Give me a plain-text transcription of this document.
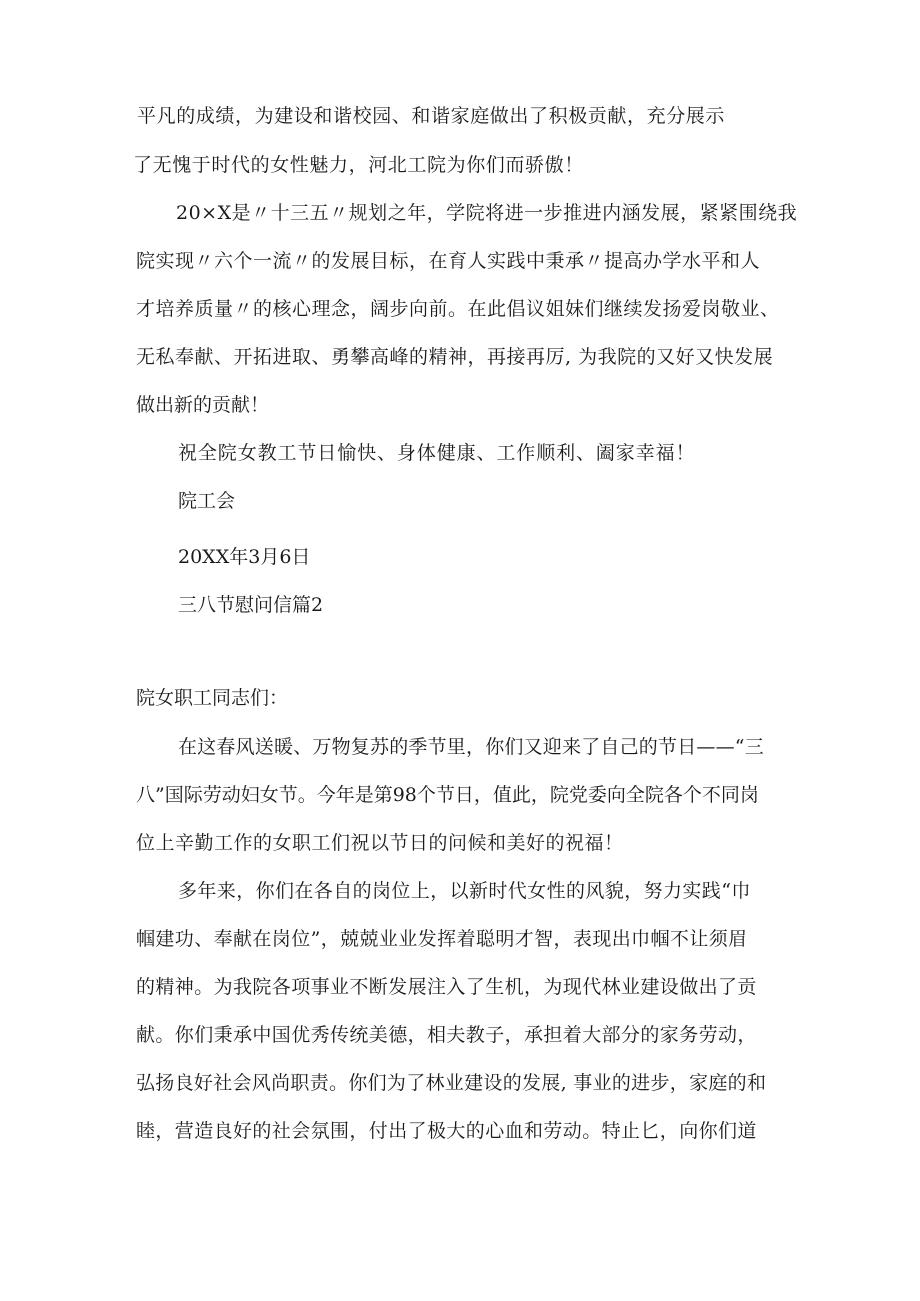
平凡的成绩，为建设和谐校园、和谐家庭做出了积极贡献，充分展示
了无愧于时代的女性魅力，河北工院为你们而骄傲！
20×X是〃十三五〃规划之年，学院将进一步推进内涵发展，紧紧围绕我
院实现〃六个一流〃的发展目标，在育人实践中秉承〃提高办学水平和人
才培养质量〃的核心理念，阔步向前。在此倡议姐妹们继续发扬爱岗敬业、
无私奉献、开拓进取、勇攀高峰的精神，再接再厉, 为我院的又好又快发展
做出新的贡献！
祝全院女教工节日愉快、身体健康、工作顺利、阖家幸福！
院工会
20XX年3月6日
三八节慰问信篇2
院女职工同志们：
在这春风送暖、万物复苏的季节里，你们又迎来了自己的节日——“三
八”国际劳动妇女节。今年是第98个节日，值此，院党委向全院各个不同岗
位上辛勤工作的女职工们祝以节日的问候和美好的祝福！
多年来，你们在各自的岗位上，以新时代女性的风貌，努力实践“巾
帼建功、奉献在岗位”，兢兢业业发挥着聪明才智，表现出巾帼不让须眉
的精神。为我院各项事业不断发展注入了生机，为现代林业建设做出了贡
献。你们秉承中国优秀传统美德，相夫教子，承担着大部分的家务劳动，
弘扬良好社会风尚职责。你们为了林业建设的发展, 事业的进步，家庭的和
睦，营造良好的社会氛围，付出了极大的心血和劳动。特止匕，向你们道
